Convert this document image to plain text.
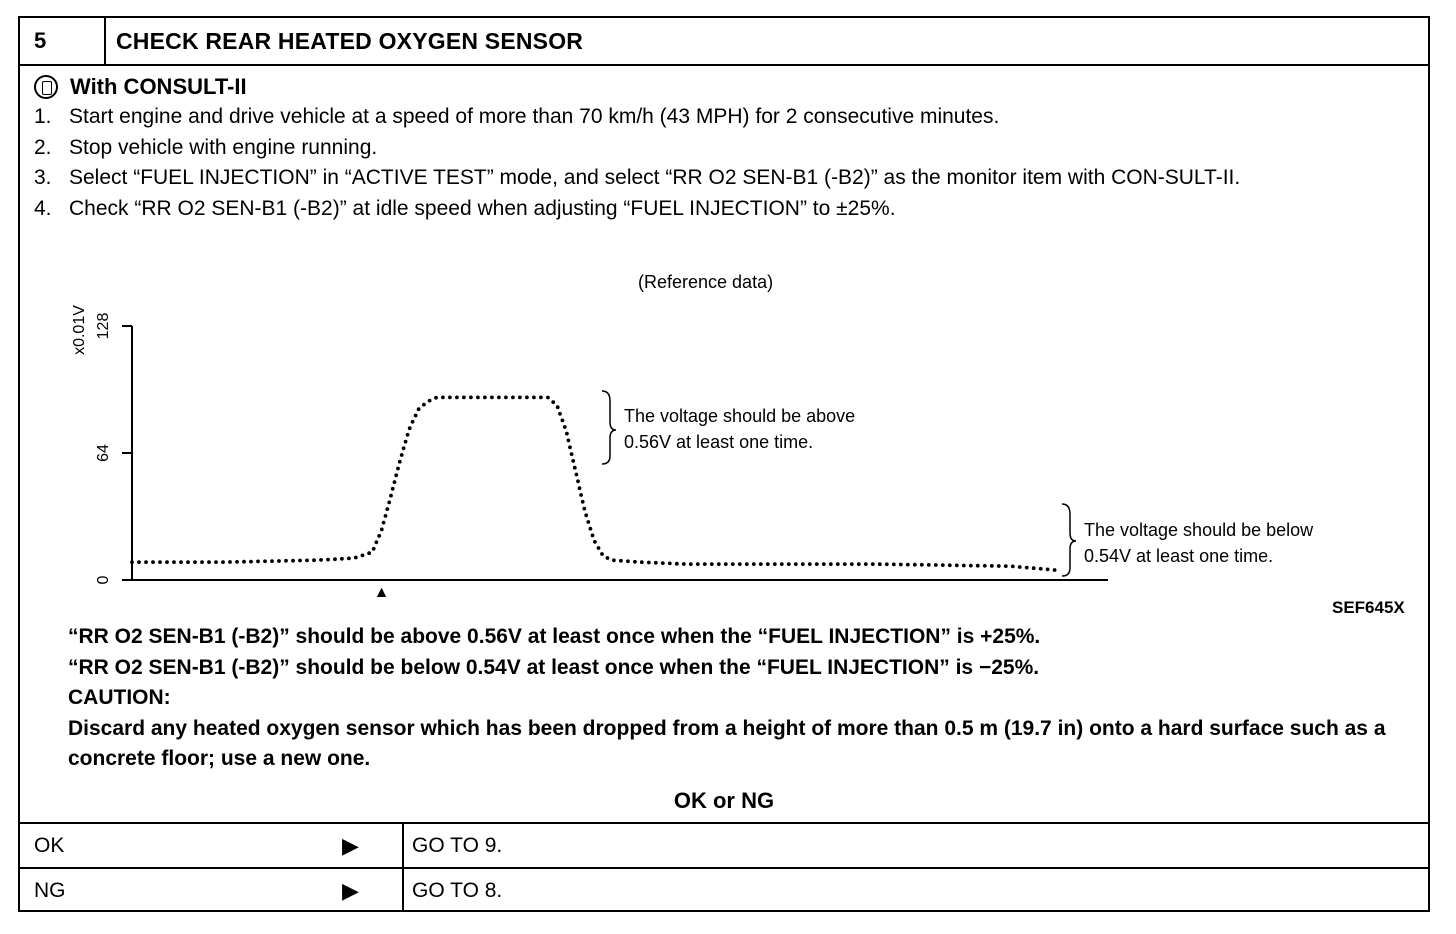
5	CHECK REAR HEATED OXYGEN SENSOR
With CONSULT-II
1. Start engine and drive vehicle at a speed of more than 70 km/h (43 MPH) for 2 consecutive minutes.
2. Stop vehicle with engine running.
3. Select “FUEL INJECTION” in “ACTIVE TEST” mode, and select “RR O2 SEN-B1 (-B2)” as the monitor item with CON-SULT-II.
4. Check “RR O2 SEN-B1 (-B2)” at idle speed when adjusting “FUEL INJECTION” to ±25%.
(Reference data)
128
64
0
x0.01V
▲
The voltage should be above
0.56V at least one time.
The voltage should be below
0.54V at least one time.
SEF645X

“RR O2 SEN-B1 (-B2)” should be above 0.56V at least once when the “FUEL INJECTION” is +25%.

“RR O2 SEN-B1 (-B2)” should be below 0.54V at least once when the “FUEL INJECTION” is −25%.

CAUTION:

Discard any heated oxygen sensor which has been dropped from a height of more than 0.5 m (19.7 in) onto a hard surface such as a concrete floor; use a new one.

OK or NG
OK	▶	GO TO 9.
NG	▶	GO TO 8.
